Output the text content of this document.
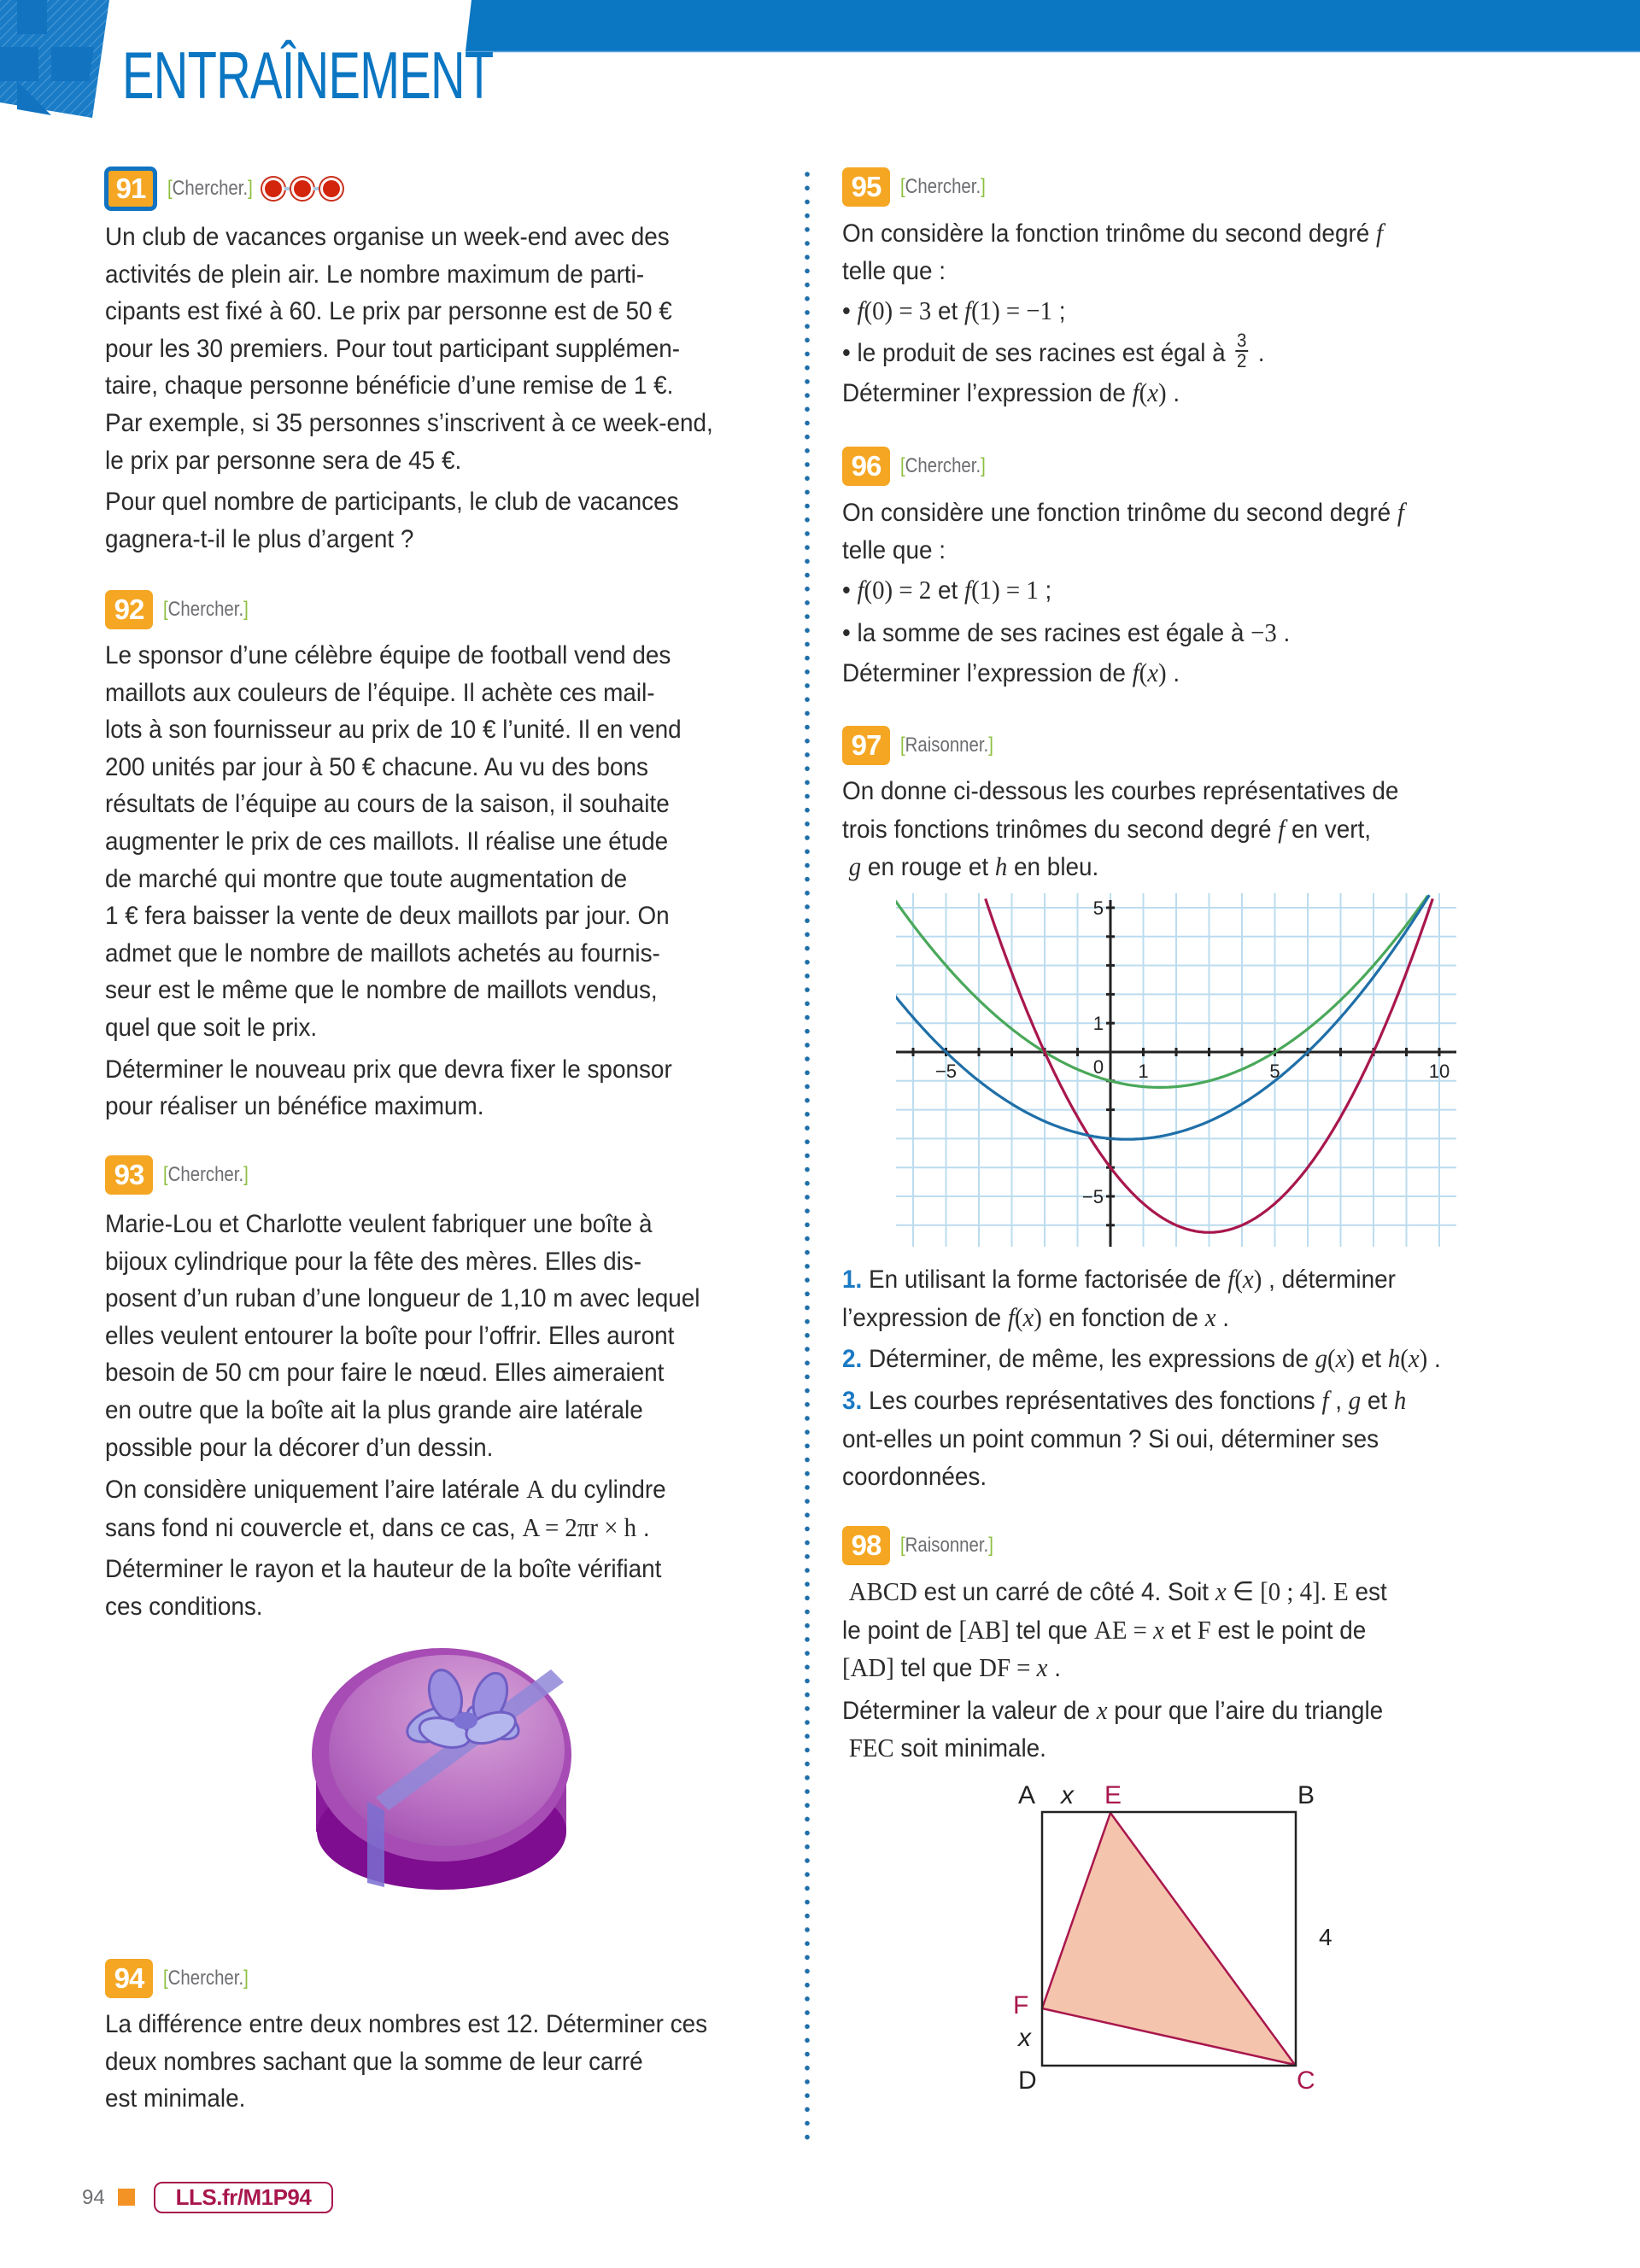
ENTRAÎNEMENT
91	[Chercher.]
Un club de vacances organise un week-end avec des
activités de plein air. Le nombre maximum de parti-
cipants est fixé à 60. Le prix par personne est de 50 €
pour les 30 premiers. Pour tout participant supplémen-
taire, chaque personne bénéficie d’une remise de 1 €.
Par exemple, si 35 personnes s’inscrivent à ce week-end,
le prix par personne sera de 45 €.
Pour quel nombre de participants, le club de vacances
gagnera-t-il le plus d’argent ?
92 [Chercher.]
Le sponsor d’une célèbre équipe de football vend des
maillots aux couleurs de l’équipe. Il achète ces mail-
lots à son fournisseur au prix de 10 € l’unité. Il en vend
200 unités par jour à 50 € chacune. Au vu des bons
résultats de l’équipe au cours de la saison, il souhaite
augmenter le prix de ces maillots. Il réalise une étude
de marché qui montre que toute augmentation de
1 € fera baisser la vente de deux maillots par jour. On
admet que le nombre de maillots achetés au fournis-
seur est le même que le nombre de maillots vendus,
quel que soit le prix.
Déterminer le nouveau prix que devra fixer le sponsor
pour réaliser un bénéfice maximum.
93 [Chercher.]
Marie-Lou et Charlotte veulent fabriquer une boîte à
bijoux cylindrique pour la fête des mères. Elles dis-
posent d’un ruban d’une longueur de 1,10 m avec lequel
elles veulent entourer la boîte pour l’offrir. Elles auront
besoin de 50 cm pour faire le nœud. Elles aimeraient
en outre que la boîte ait la plus grande aire latérale
possible pour la décorer d’un dessin.
On considère uniquement l’aire latérale A du cylindre
sans fond ni couvercle et, dans ce cas, A = 2πr × h .
Déterminer le rayon et la hauteur de la boîte vérifiant
ces conditions.
94 [Chercher.]
La différence entre deux nombres est 12. Déterminer ces
deux nombres sachant que la somme de leur carré
est minimale.
95 [Chercher.]
On considère la fonction trinôme du second degré f
telle que :
• f(0) = 3 et f(1) = −1 ;
• le produit de ses racines est égal à $\frac{3}{2}$ .
Déterminer l’expression de f(x) .
96 [Chercher.]
On considère une fonction trinôme du second degré f
telle que :
• f(0) = 2 et f(1) = 1 ;
• la somme de ses racines est égale à −3 .
Déterminer l’expression de f(x) .
97 [Raisonner.]
On donne ci-dessous les courbes représentatives de
trois fonctions trinômes du second degré f en vert,
g en rouge et h en bleu.
−5	0 1	5	10
5
1
−5
1. En utilisant la forme factorisée de f(x) , déterminer
l’expression de f(x) en fonction de x .
2. Déterminer, de même, les expressions de g(x) et h(x) .
3. Les courbes représentatives des fonctions f , g et h
ont-elles un point commun ? Si oui, déterminer ses
coordonnées.
98 [Raisonner.]
ABCD est un carré de côté 4. Soit x ∈ [0 ; 4]. E est
le point de [AB] tel que AE = x et F est le point de
[AD] tel que DF = x .
Déterminer la valeur de x pour que l’aire du triangle
FEC soit minimale.
A x E	B
4
F
x
D	C
94	LLS.fr/M1P94
